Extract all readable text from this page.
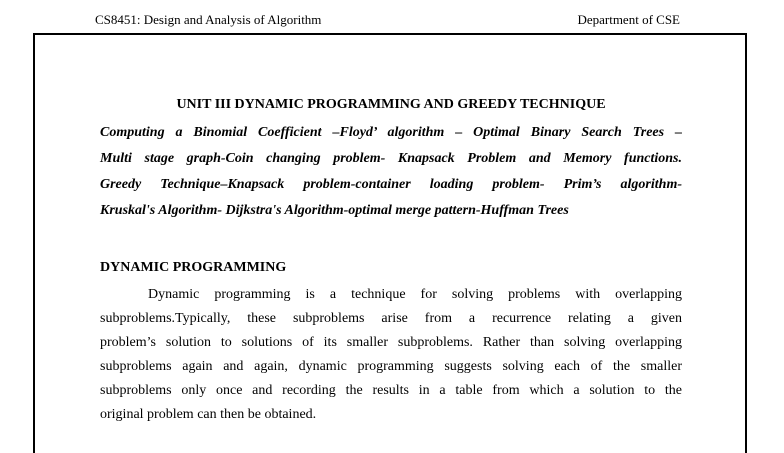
CS8451: Design and Analysis of Algorithm	Department of CSE
UNIT III DYNAMIC PROGRAMMING AND GREEDY TECHNIQUE
Computing a Binomial Coefficient –Floyd’ algorithm – Optimal Binary Search Trees –
Multi stage graph-Coin changing problem- Knapsack Problem and Memory functions.
Greedy Technique–Knapsack problem-container loading problem- Prim’s algorithm-
Kruskal's Algorithm- Dijkstra's Algorithm-optimal merge pattern-Huffman Trees
DYNAMIC PROGRAMMING
Dynamic programming is a technique for solving problems with overlapping
subproblems.Typically, these subproblems arise from a recurrence relating a given
problem’s solution to solutions of its smaller subproblems. Rather than solving overlapping
subproblems again and again, dynamic programming suggests solving each of the smaller
subproblems only once and recording the results in a table from which a solution to the
original problem can then be obtained.
